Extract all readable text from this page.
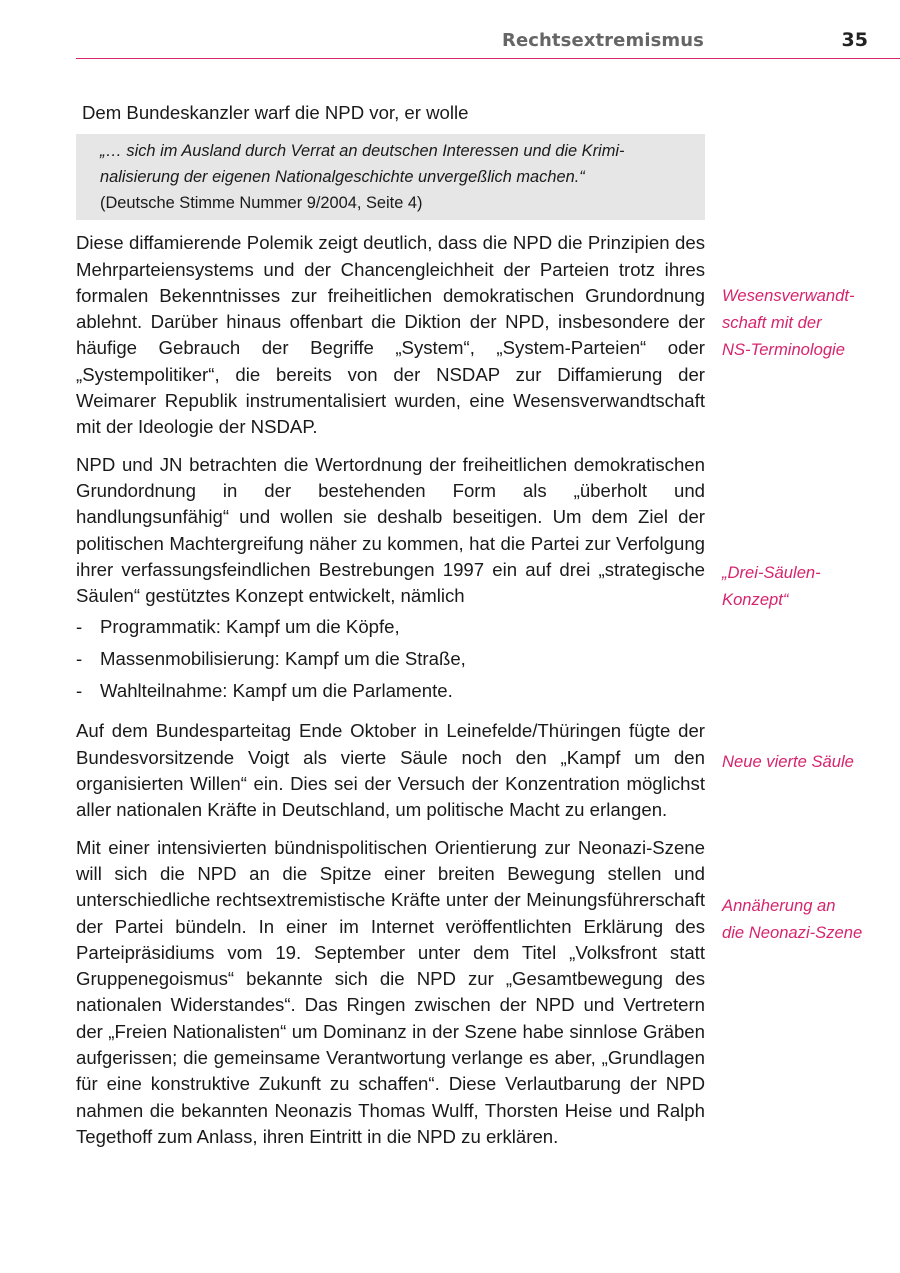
Rechtsextremismus	35

Dem Bundeskanzler warf die NPD vor, er wolle

„… sich im Ausland durch Verrat an deutschen Interessen und die Krimi-

nalisierung der eigenen Nationalgeschichte unvergeßlich machen.“

(Deutsche Stimme Nummer 9/2004, Seite 4)

Diese diffamierende Polemik zeigt deutlich, dass die NPD die Prinzipien des Mehrparteiensystems und der Chancengleichheit der Parteien trotz ihres formalen Bekenntnisses zur freiheitlichen demokratischen Grundordnung ablehnt. Darüber hinaus offenbart die Diktion der NPD, insbesondere der häufige Gebrauch der Begriffe „System“, „System-Parteien“ oder „Systempolitiker“, die bereits von der NSDAP zur Diffamierung der Weimarer Republik instrumentalisiert wurden, eine Wesensverwandtschaft mit der Ideologie der NSDAP.

NPD und JN betrachten die Wertordnung der freiheitlichen demokratischen Grundordnung in der bestehenden Form als „überholt und handlungsunfähig“ und wollen sie deshalb beseitigen. Um dem Ziel der politischen Machtergreifung näher zu kommen, hat die Partei zur Verfolgung ihrer verfassungsfeindlichen Bestrebungen 1997 ein auf drei „strategische Säulen“ gestütztes Konzept entwickelt, nämlich

- Programmatik: Kampf um die Köpfe,
- Massenmobilisierung: Kampf um die Straße,
- Wahlteilnahme: Kampf um die Parlamente.

Auf dem Bundesparteitag Ende Oktober in Leinefelde/Thüringen fügte der Bundesvorsitzende Voigt als vierte Säule noch den „Kampf um den organisierten Willen“ ein. Dies sei der Versuch der Konzentration möglichst aller nationalen Kräfte in Deutschland, um politische Macht zu erlangen.

Mit einer intensivierten bündnispolitischen Orientierung zur Neonazi-Szene will sich die NPD an die Spitze einer breiten Bewegung stellen und unterschiedliche rechtsextremistische Kräfte unter der Meinungsführerschaft der Partei bündeln. In einer im Internet veröffentlichten Erklärung des Parteipräsidiums vom 19. September unter dem Titel „Volksfront statt Gruppenegoismus“ bekannte sich die NPD zur „Gesamtbewegung des nationalen Widerstandes“. Das Ringen zwischen der NPD und Vertretern der „Freien Nationalisten“ um Dominanz in der Szene habe sinnlose Gräben aufgerissen; die gemeinsame Verantwortung verlange es aber, „Grundlagen für eine konstruktive Zukunft zu schaffen“. Diese Verlautbarung der NPD nahmen die bekannten Neonazis Thomas Wulff, Thorsten Heise und Ralph Tegethoff zum Anlass, ihren Eintritt in die NPD zu erklären.

Wesensverwandt-
schaft mit der
NS-Terminologie
„Drei-Säulen-
Konzept“
Neue vierte Säule
Annäherung an
die Neonazi-Szene
